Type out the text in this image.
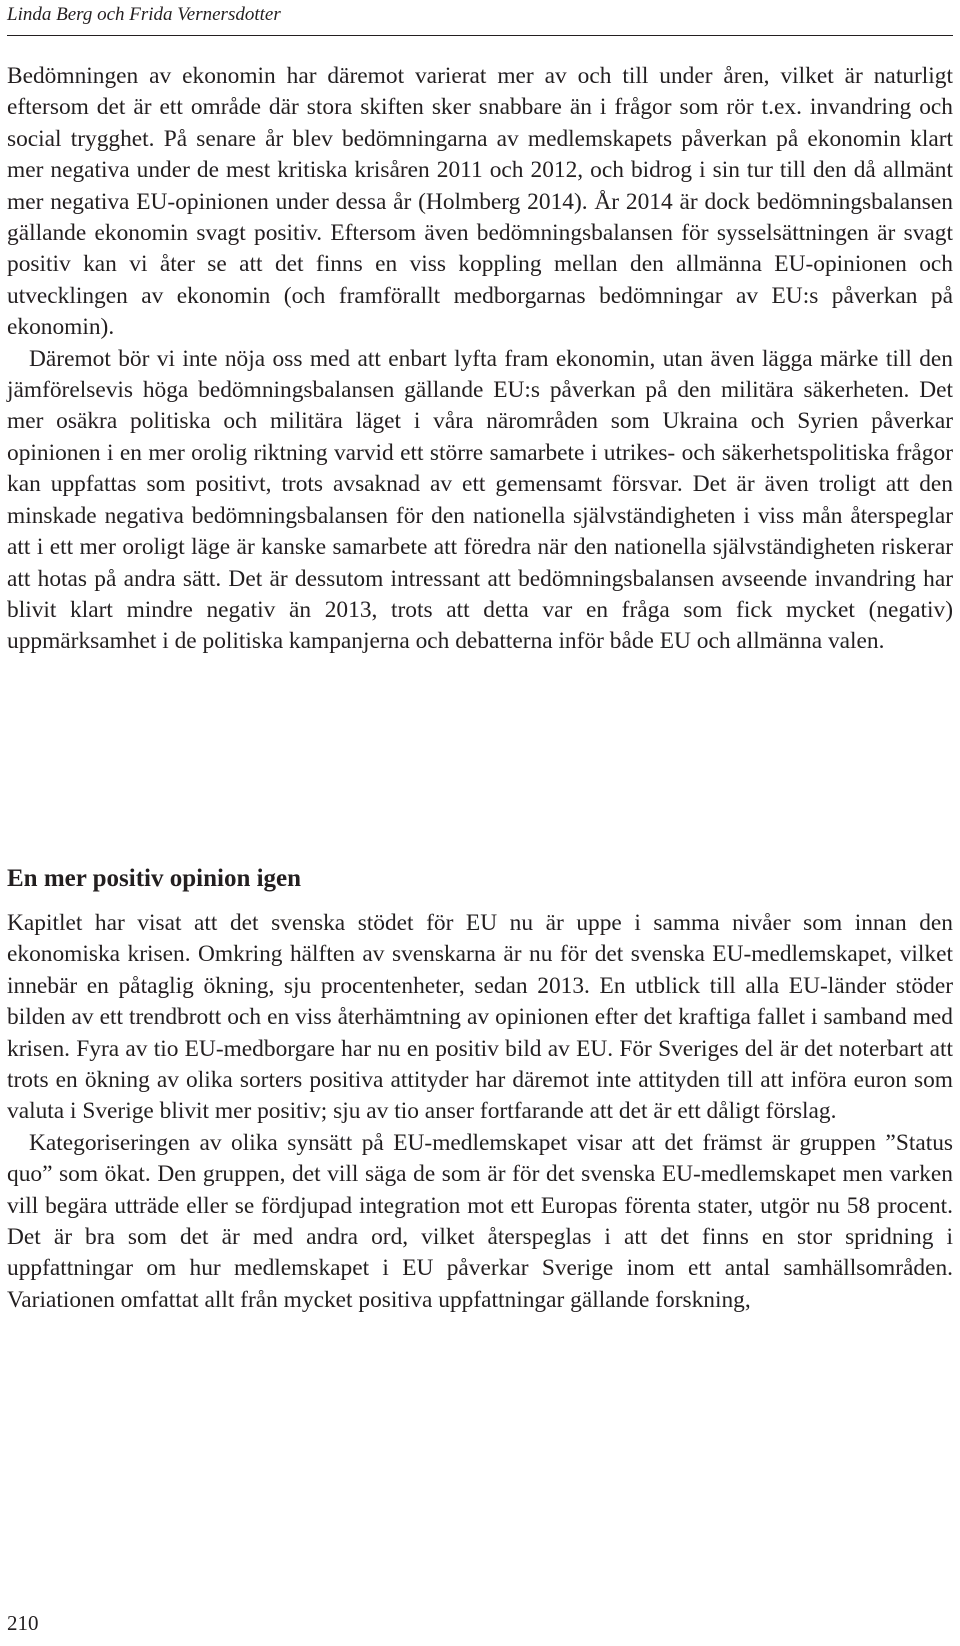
Linda Berg och Frida Vernersdotter

Bedömningen av ekonomin har däremot varierat mer av och till under åren, vilket är naturligt eftersom det är ett område där stora skiften sker snabbare än i frågor som rör t.ex. invandring och social trygghet. På senare år blev bedömningarna av medlemskapets påverkan på ekonomin klart mer negativa under de mest kritiska krisåren 2011 och 2012, och bidrog i sin tur till den då allmänt mer negativa EU-opinionen under dessa år (Holmberg 2014). År 2014 är dock bedömningsbalansen gällande ekonomin svagt positiv. Eftersom även bedömningsbalansen för sysselsättningen är svagt positiv kan vi åter se att det finns en viss koppling mellan den allmänna EU-opinionen och utvecklingen av ekonomin (och framförallt medborgarnas bedömningar av EU:s påverkan på ekonomin).

Däremot bör vi inte nöja oss med att enbart lyfta fram ekonomin, utan även lägga märke till den jämförelsevis höga bedömningsbalansen gällande EU:s påverkan på den militära säkerheten. Det mer osäkra politiska och militära läget i våra närområden som Ukraina och Syrien påverkar opinionen i en mer orolig riktning varvid ett större samarbete i utrikes- och säkerhetspolitiska frågor kan uppfattas som positivt, trots avsaknad av ett gemensamt försvar. Det är även troligt att den minskade negativa bedömningsbalansen för den nationella självständigheten i viss mån återspeglar att i ett mer oroligt läge är kanske samarbete att föredra när den nationella självständigheten riskerar att hotas på andra sätt. Det är dessutom intressant att bedömningsbalansen avseende invandring har blivit klart mindre negativ än 2013, trots att detta var en fråga som fick mycket (negativ) uppmärksamhet i de politiska kampanjerna och debatterna inför både EU och allmänna valen.

En mer positiv opinion igen

Kapitlet har visat att det svenska stödet för EU nu är uppe i samma nivåer som innan den ekonomiska krisen. Omkring hälften av svenskarna är nu för det svenska EU-medlemskapet, vilket innebär en påtaglig ökning, sju procentenheter, sedan 2013. En utblick till alla EU-länder stöder bilden av ett trendbrott och en viss återhämtning av opinionen efter det kraftiga fallet i samband med krisen. Fyra av tio EU-medborgare har nu en positiv bild av EU. För Sveriges del är det noterbart att trots en ökning av olika sorters positiva attityder har däremot inte attityden till att införa euron som valuta i Sverige blivit mer positiv; sju av tio anser fortfarande att det är ett dåligt förslag.

Kategoriseringen av olika synsätt på EU-medlemskapet visar att det främst är gruppen ”Status quo” som ökat. Den gruppen, det vill säga de som är för det svenska EU-medlemskapet men varken vill begära utträde eller se fördjupad integration mot ett Europas förenta stater, utgör nu 58 procent. Det är bra som det är med andra ord, vilket återspeglas i att det finns en stor spridning i uppfattningar om hur medlemskapet i EU påverkar Sverige inom ett antal samhällsområden. Variationen omfattat allt från mycket positiva uppfattningar gällande forskning,

210
